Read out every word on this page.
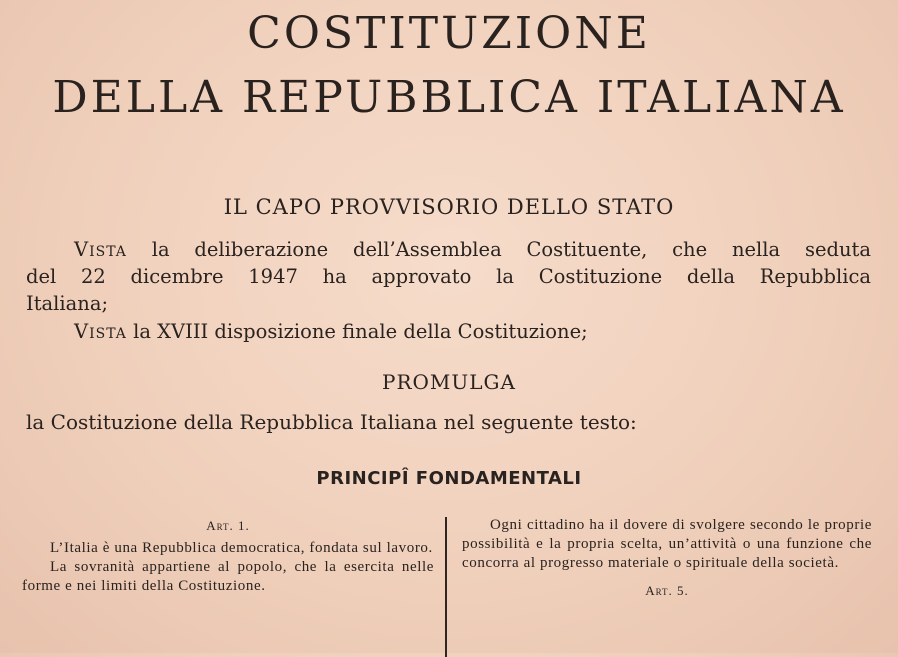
COSTITUZIONE
DELLA REPUBBLICA ITALIANA
IL CAPO PROVVISORIO DELLO STATO
Vista la deliberazione dell’Assemblea Costituente, che nella seduta
del 22 dicembre 1947 ha approvato la Costituzione della Repubblica
Italiana;
Vista la XVIII disposizione finale della Costituzione;
PROMULGA
la Costituzione della Repubblica Italiana nel seguente testo:
PRINCIPÎ FONDAMENTALI
Art. 1.

L’Italia è una Repubblica democratica, fondata sul lavoro.

La sovranità appartiene al popolo, che la esercita nelle forme e nei limiti della Costituzione.

Ogni cittadino ha il dovere di svolgere secondo le proprie possibilità e la propria scelta, un’attività o una funzione che concorra al progresso materiale o spirituale della società.

Art. 5.
